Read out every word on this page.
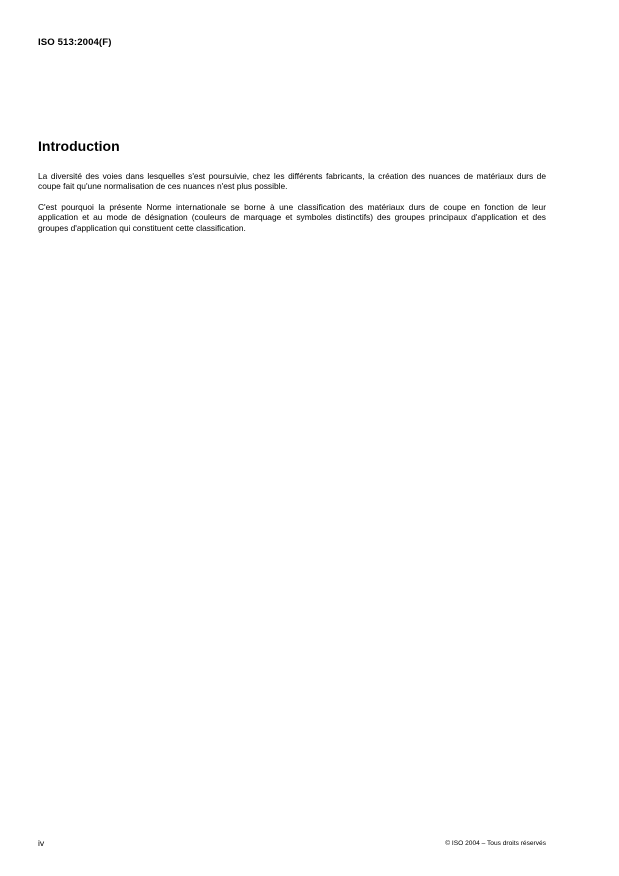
ISO 513:2004(F)
Introduction

La diversité des voies dans lesquelles s'est poursuivie, chez les différents fabricants, la création des nuances de matériaux durs de coupe fait qu'une normalisation de ces nuances n'est plus possible.

C'est pourquoi la présente Norme internationale se borne à une classification des matériaux durs de coupe en fonction de leur application et au mode de désignation (couleurs de marquage et symboles distinctifs) des groupes principaux d'application et des groupes d'application qui constituent cette classification.

iv	© ISO 2004 – Tous droits réservés
